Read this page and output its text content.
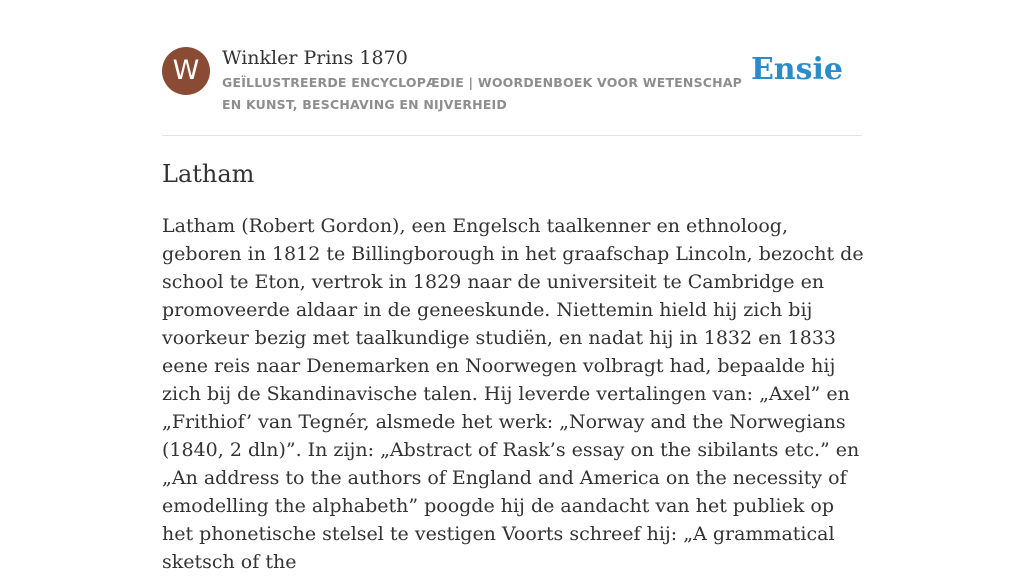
W	Winkler Prins 1870
GEÏLLUSTREERDE ENCYCLOPÆDIE | WOORDENBOEK VOOR WETENSCHAP EN KUNST, BESCHAVING EN NIJVERHEID
Ensie
Latham

Latham (Robert Gordon), een Engelsch taalkenner en ethnoloog, geboren in 1812 te Billingborough in het graafschap Lincoln, bezocht de school te Eton, vertrok in 1829 naar de universiteit te Cambridge en promoveerde aldaar in de geneeskunde. Niettemin hield hij zich bij voorkeur bezig met taalkundige studiën, en nadat hij in 1832 en 1833 eene reis naar Denemarken en Noorwegen volbragt had, bepaalde hij zich bij de Skandinavische talen. Hij leverde vertalingen van: „Axel” en „Frithiof’ van Tegnér, alsmede het werk: „Norway and the Norwegians (1840, 2 dln)”. In zijn: „Abstract of Rask’s essay on the sibilants etc.” en „An address to the authors of England and America on the necessity of emodelling the alphabeth” poogde hij de aandacht van het publiek op het phonetische stelsel te vestigen Voorts schreef hij: „A grammatical sketsch of the
